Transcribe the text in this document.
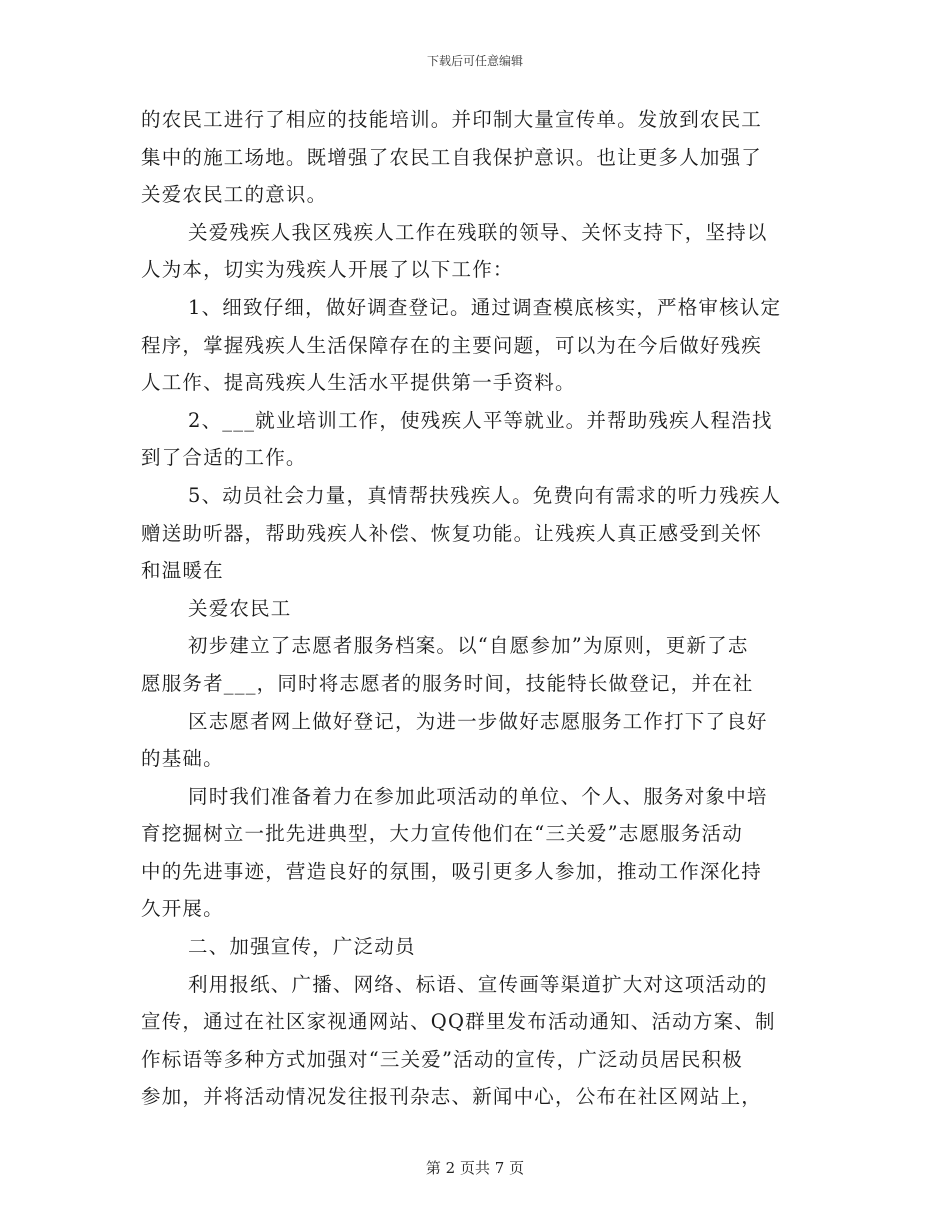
下载后可任意编辑

的农民工进行了相应的技能培训。并印制大量宣传单。发放到农民工

集中的施工场地。既增强了农民工自我保护意识。也让更多人加强了

关爱农民工的意识。

关爱残疾人我区残疾人工作在残联的领导、关怀支持下，坚持以

人为本，切实为残疾人开展了以下工作：

1、细致仔细，做好调查登记。通过调查模底核实，严格审核认定

程序，掌握残疾人生活保障存在的主要问题，可以为在今后做好残疾

人工作、提高残疾人生活水平提供第一手资料。

2、___就业培训工作，使残疾人平等就业。并帮助残疾人程浩找

到了合适的工作。

5、动员社会力量，真情帮扶残疾人。免费向有需求的听力残疾人

赠送助听器，帮助残疾人补偿、恢复功能。让残疾人真正感受到关怀

和温暖在

关爱农民工

初步建立了志愿者服务档案。以“自愿参加”为原则，更新了志

愿服务者___，同时将志愿者的服务时间，技能特长做登记，并在社

区志愿者网上做好登记，为进一步做好志愿服务工作打下了良好

的基础。

同时我们准备着力在参加此项活动的单位、个人、服务对象中培

育挖掘树立一批先进典型，大力宣传他们在“三关爱”志愿服务活动

中的先进事迹，营造良好的氛围，吸引更多人参加，推动工作深化持

久开展。

二、加强宣传，广泛动员

利用报纸、广播、网络、标语、宣传画等渠道扩大对这项活动的

宣传，通过在社区家视通网站、QQ群里发布活动通知、活动方案、制

作标语等多种方式加强对“三关爱”活动的宣传，广泛动员居民积极

参加，并将活动情况发往报刊杂志、新闻中心，公布在社区网站上，

第 2 页共 7 页
